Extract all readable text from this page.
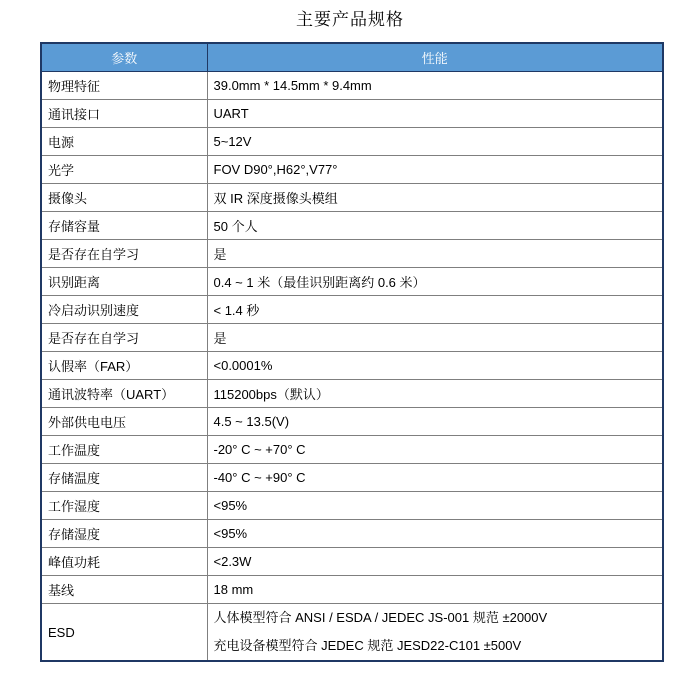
主要产品规格
参数	性能
物理特征	39.0mm * 14.5mm * 9.4mm
通讯接口	UART
电源	5~12V
光学	FOV D90°,H62°,V77°
摄像头	双 IR 深度摄像头模组
存储容量	50 个人
是否存在自学习	是
识别距离	0.4 ~ 1 米（最佳识别距离约 0.6 米）
冷启动识别速度	< 1.4 秒
是否存在自学习	是
认假率（FAR）	<0.0001%
通讯波特率（UART）	115200bps（默认）
外部供电电压	4.5 ~ 13.5(V)
工作温度	-20° C ~ +70° C
存储温度	-40° C ~ +90° C
工作湿度	<95%
存储湿度	<95%
峰值功耗	<2.3W
基线	18 mm
ESD	人体模型符合 ANSI / ESDA / JEDEC JS-001 规范 ±2000V
充电设备模型符合 JEDEC 规范 JESD22-C101 ±500V
